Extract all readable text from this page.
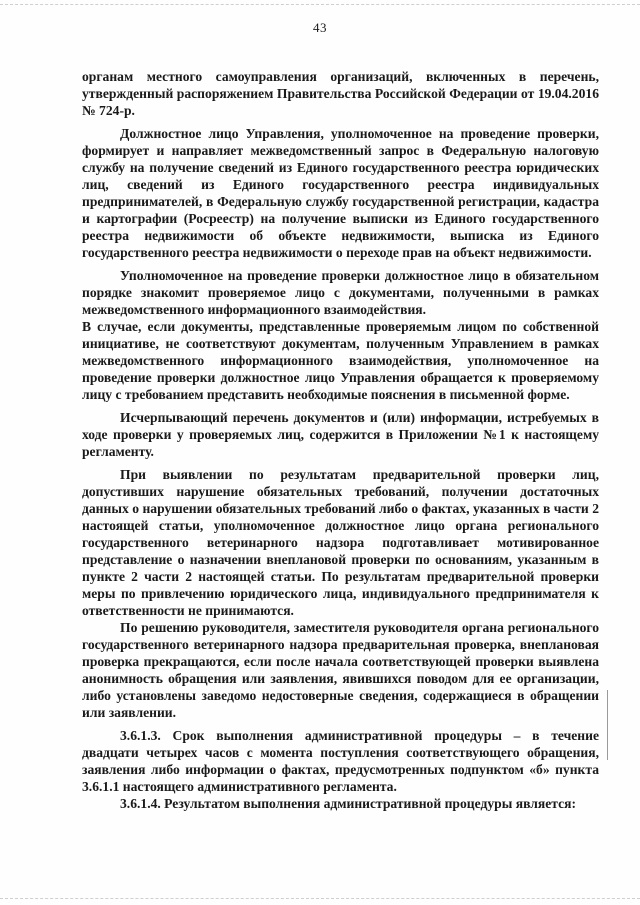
43

органам местного самоуправления организаций, включенных в перечень, утвержденный распоряжением Правительства Российской Федерации от 19.04.2016 № 724-р.

Должностное лицо Управления, уполномоченное на проведение проверки, формирует и направляет межведомственный запрос в Федеральную налоговую службу на получение сведений из Единого государственного реестра юридических лиц, сведений из Единого государственного реестра индивидуальных предпринимателей, в Федеральную службу государственной регистрации, кадастра и картографии (Росреестр) на получение выписки из Единого государственного реестра недвижимости об объекте недвижимости, выписка из Единого государственного реестра недвижимости о переходе прав на объект недвижимости.

Уполномоченное на проведение проверки должностное лицо в обязательном порядке знакомит проверяемое лицо с документами, полученными в рамках межведомственного информационного взаимодействия.

В случае, если документы, представленные проверяемым лицом по собственной инициативе, не соответствуют документам, полученным Управлением в рамках межведомственного информационного взаимодействия, уполномоченное на проведение проверки должностное лицо Управления обращается к проверяемому лицу с требованием представить необходимые пояснения в письменной форме.

Исчерпывающий перечень документов и (или) информации, истребуемых в ходе проверки у проверяемых лиц, содержится в Приложении №1 к настоящему регламенту.

При выявлении по результатам предварительной проверки лиц, допустивших нарушение обязательных требований, получении достаточных данных о нарушении обязательных требований либо о фактах, указанных в части 2 настоящей статьи, уполномоченное должностное лицо органа регионального государственного ветеринарного надзора подготавливает мотивированное представление о назначении внеплановой проверки по основаниям, указанным в пункте 2 части 2 настоящей статьи. По результатам предварительной проверки меры по привлечению юридического лица, индивидуального предпринимателя к ответственности не принимаются.

По решению руководителя, заместителя руководителя органа регионального государственного ветеринарного надзора предварительная проверка, внеплановая проверка прекращаются, если после начала соответствующей проверки выявлена анонимность обращения или заявления, явившихся поводом для ее организации, либо установлены заведомо недостоверные сведения, содержащиеся в обращении или заявлении.

3.6.1.3. Срок выполнения административной процедуры – в течение двадцати четырех часов с момента поступления соответствующего обращения, заявления либо информации о фактах, предусмотренных подпунктом «б» пункта 3.6.1.1 настоящего административного регламента.

3.6.1.4. Результатом выполнения административной процедуры является:
